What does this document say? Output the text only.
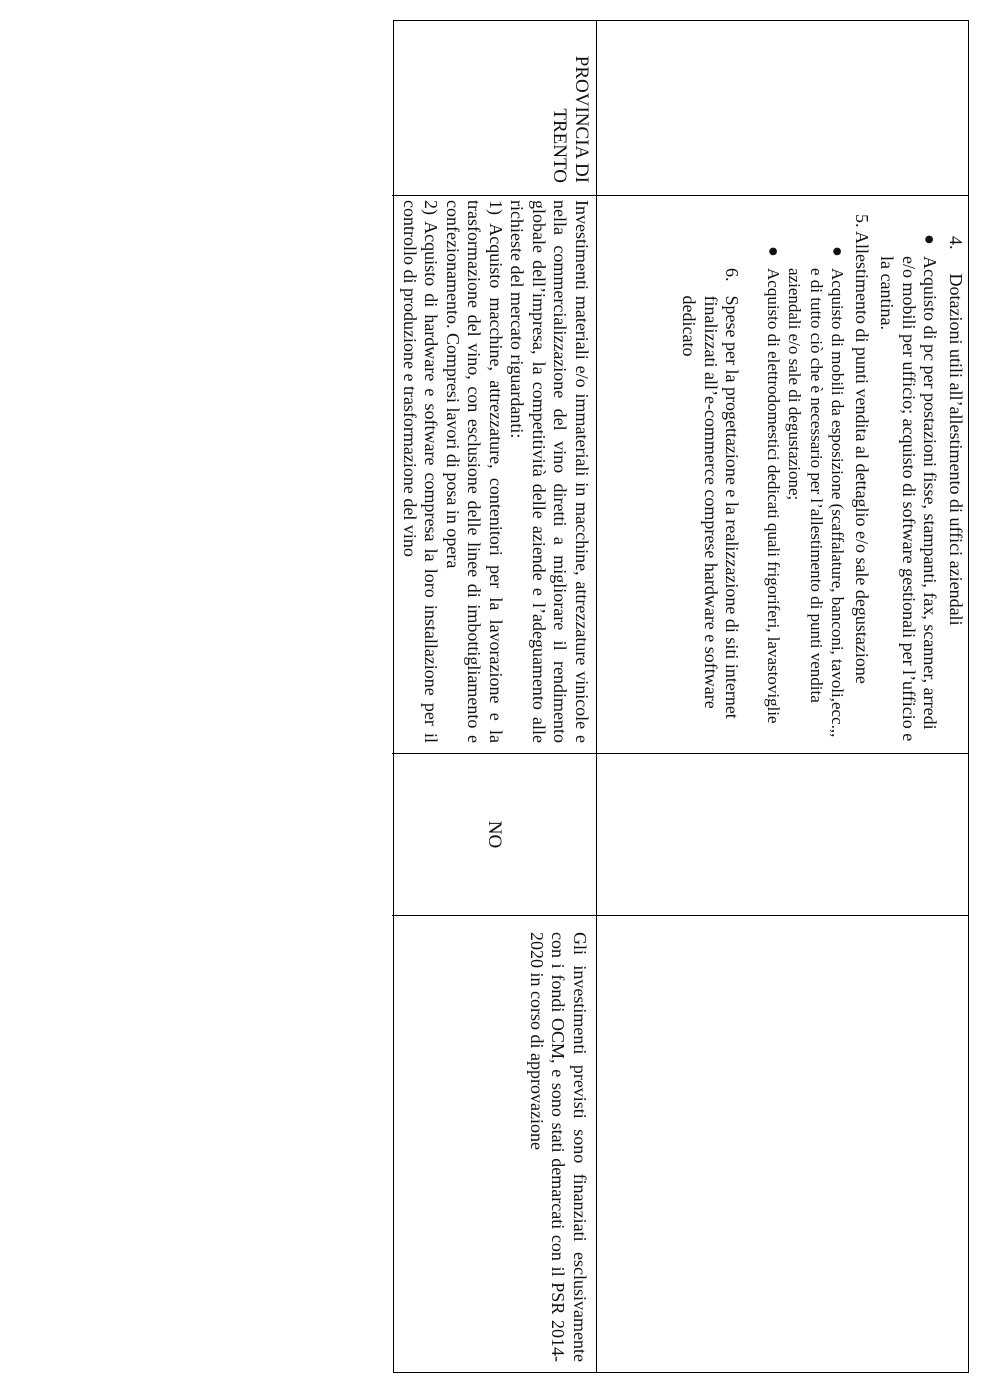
4.
Dotazioni utili all’allestimento di uffici aziendali
●
Acquisto di pc per postazioni fisse, stampanti, fax, scanner, arredi e/o mobili per ufficio; acquisto di software gestionali per l’ufficio e la cantina.
5. Allestimento di punti vendita al dettaglio e/o sale degustazione
●
Acquisto di mobili da esposizione (scaffalature, banconi, tavoli,ecc.,, e di tutto ciò che è necessario per l’allestimento di punti vendita aziendali e/o sale di degustazione;
●
Acquisto di elettrodomestici dedicati quali frigoriferi, lavastoviglie
6.
Spese per la progettazione e la realizzazione di siti internet finalizzati all’e-commerce comprese hardware e software dedicato
PROVINCIA DI TRENTO

Investimenti materiali e/o immateriali in macchine, attrezzature vinicole e nella commercializzazione del vino diretti a migliorare il rendimento globale dell’impresa, la competitività delle aziende e l’adeguamento alle richieste del mercato riguardanti:

1) Acquisto macchine, attrezzature, contenitori per la lavorazione e la trasformazione del vino, con esclusione delle linee di imbottigliamento e confezionamento. Compresi lavori di posa in opera

2) Acquisto di hardware e software compresa la loro installazione per il controllo di produzione e trasformazione del vino

NO
Gli investimenti previsti sono finanziati esclusivamente con i fondi OCM, e sono stati demarcati con il PSR 2014-2020 in corso di approvazione
